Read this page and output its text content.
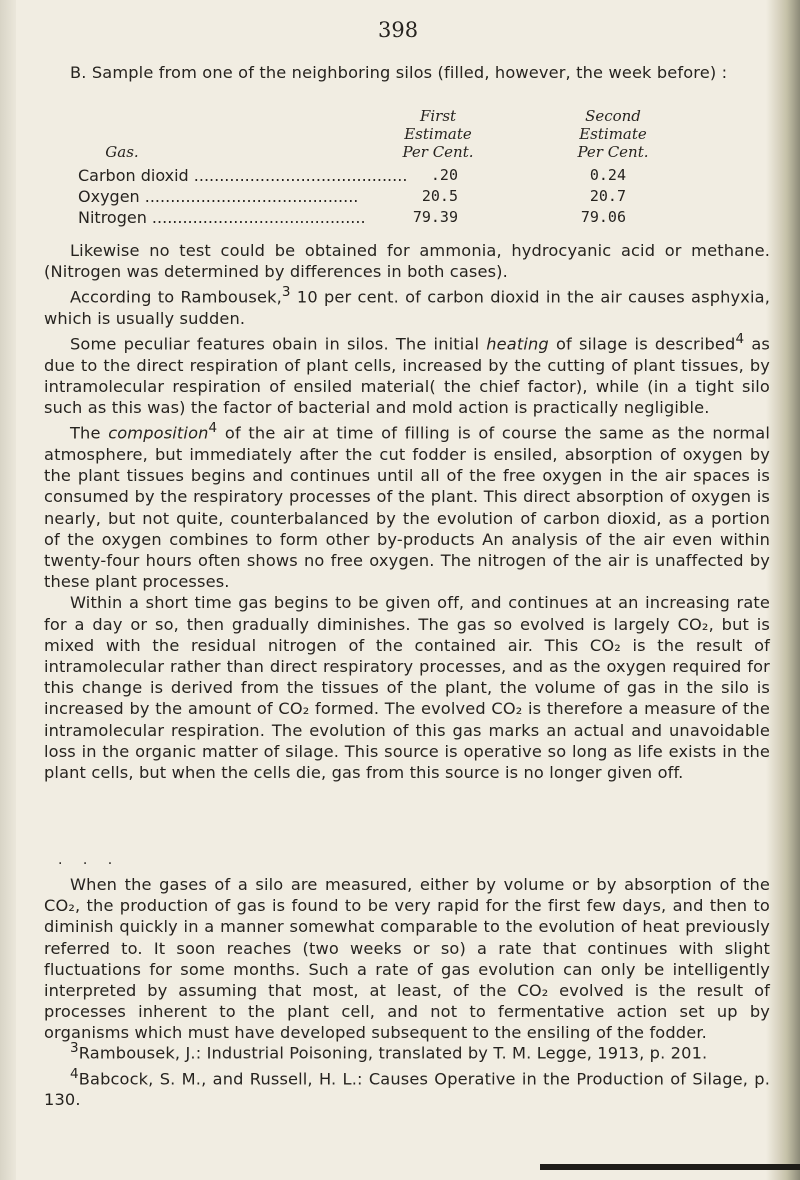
398

B. Sample from one of the neighboring silos (filled, however, the week before) :

First
Estimate
Per Cent.
Second
Estimate
Per Cent.
Gas.
Carbon dioxid ..........................................	.20	0.24
Oxygen ..........................................	20.5	20.7
Nitrogen ..........................................	79.39	79.06

Likewise no test could be obtained for ammonia, hydrocyanic acid or methane. (Nitrogen was determined by differences in both cases).

According to Rambousek,$^3$ 10 per cent. of carbon dioxid in the air causes asphyxia, which is usually sudden.

Some peculiar features obain in silos. The initial heating of silage is described$^4$ as due to the direct respiration of plant cells, increased by the cutting of plant tissues, by intramolecular respiration of ensiled material( the chief factor), while (in a tight silo such as this was) the factor of bacterial and mold action is practically negligible.

The composition$^4$ of the air at time of filling is of course the same as the normal atmosphere, but immediately after the cut fodder is ensiled, absorption of oxygen by the plant tissues begins and continues until all of the free oxygen in the air spaces is consumed by the respiratory processes of the plant. This direct absorption of oxygen is nearly, but not quite, counterbalanced by the evolution of carbon dioxid, as a portion of the oxygen combines to form other by-products An analysis of the air even within twenty-four hours often shows no free oxygen. The nitrogen of the air is unaffected by these plant processes.

Within a short time gas begins to be given off, and continues at an increasing rate for a day or so, then gradually diminishes. The gas so evolved is largely CO₂, but is mixed with the residual nitrogen of the contained air. This CO₂ is the result of intramolecular rather than direct respiratory processes, and as the oxygen required for this change is derived from the tissues of the plant, the volume of gas in the silo is increased by the amount of CO₂ formed. The evolved CO₂ is therefore a measure of the intramolecular respiration. The evolution of this gas marks an actual and unavoidable loss in the organic matter of silage. This source is operative so long as life exists in the plant cells, but when the cells die, gas from this source is no longer given off.

. . .

When the gases of a silo are measured, either by volume or by absorption of the CO₂, the production of gas is found to be very rapid for the first few days, and then to diminish quickly in a manner somewhat comparable to the evolution of heat previously referred to. It soon reaches (two weeks or so) a rate that continues with slight fluctuations for some months. Such a rate of gas evolution can only be intelligently interpreted by assuming that most, at least, of the CO₂ evolved is the result of processes inherent to the plant cell, and not to fermentative action set up by organisms which must have developed subsequent to the ensiling of the fodder.

$^3$Rambousek, J.: Industrial Poisoning, translated by T. M. Legge, 1913, p. 201.

$^4$Babcock, S. M., and Russell, H. L.: Causes Operative in the Production of Silage, p. 130.
